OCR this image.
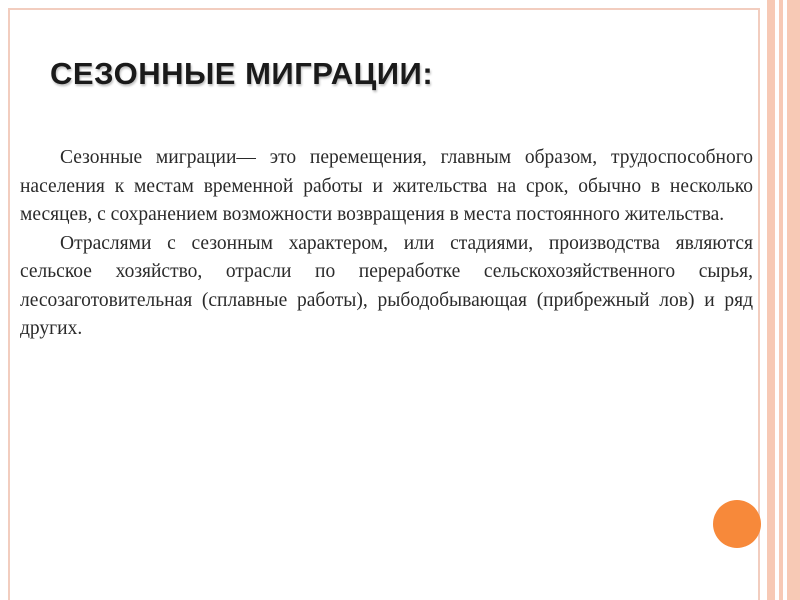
СЕЗОННЫЕ МИГРАЦИИ:

Сезонные миграции— это перемещения, главным образом, трудоспособного населения к местам временной работы и жительства на срок, обычно в несколько месяцев, с сохранением возможности возвращения в места постоянного жительства.

Отраслями с сезонным характером, или стадиями, производства являются сельское хозяйство, отрасли по переработке сельскохозяйственного сырья, лесозаготовительная (сплавные работы), рыбодобывающая (прибрежный лов) и ряд других.
